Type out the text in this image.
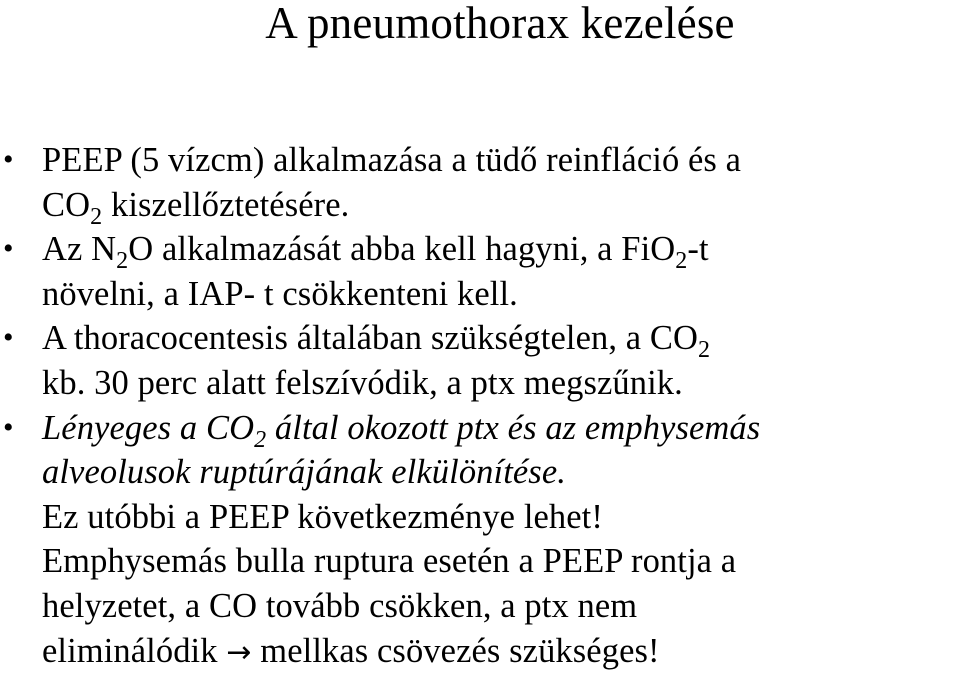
A pneumothorax kezelése
• PEEP (5 vízcm) alkalmazása a tüdő reinfláció és a
$CO_2$ kiszellőztetésére.
• Az $N_2O$ alkalmazását abba kell hagyni, a FiO$_2$-t
növelni, a IAP- t csökkenteni kell.
• A thoracocentesis általában szükségtelen, a $CO_2$
kb. 30 perc alatt felszívódik, a ptx megszűnik.
• Lényeges a $CO_2$ által okozott ptx és az emphysemás
alveolusok ruptúrájának elkülönítése.
Ez utóbbi a PEEP következménye lehet!
Emphysemás bulla ruptura esetén a PEEP rontja a
helyzetet, a CO tovább csökken, a ptx nem
eliminálódik → mellkas csövezés szükséges!
